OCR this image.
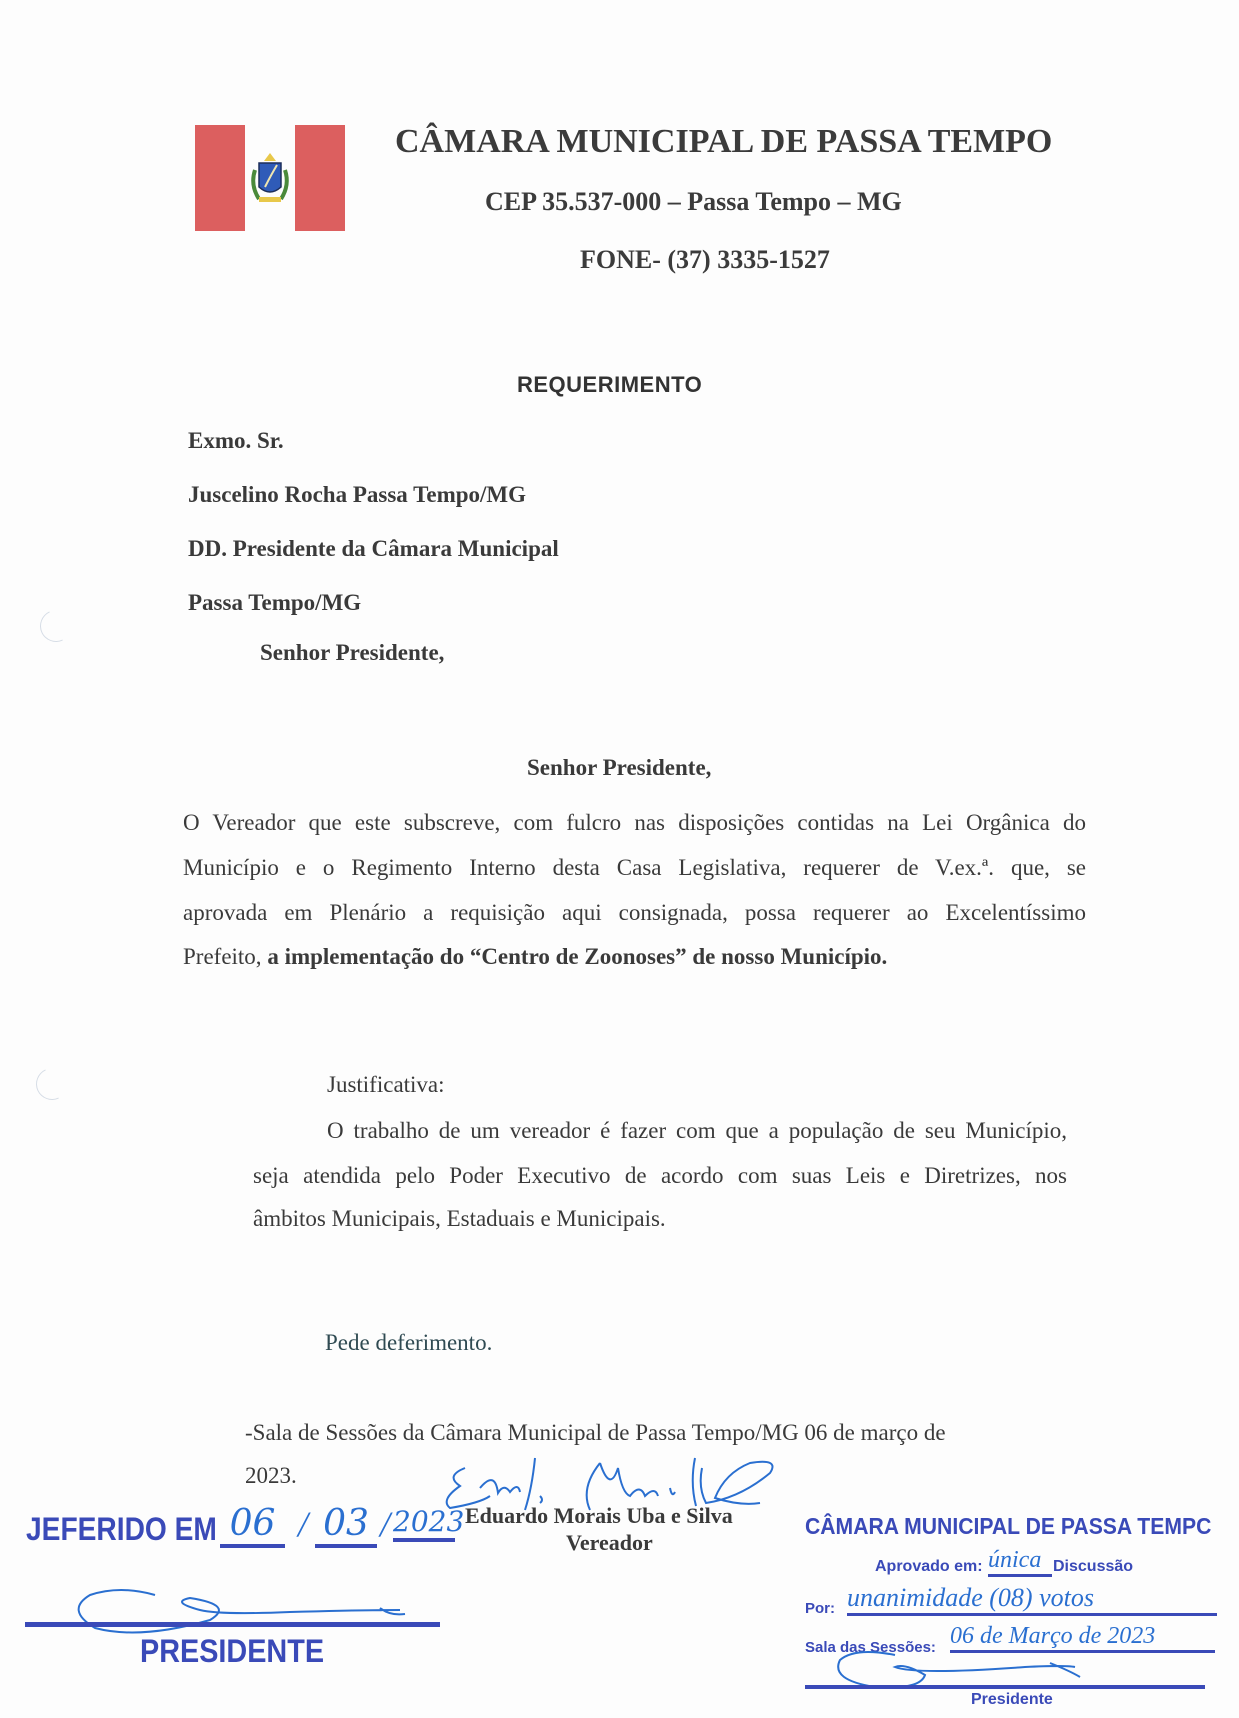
CÂMARA MUNICIPAL DE PASSA TEMPO
CEP 35.537-000 – Passa Tempo – MG
FONE- (37) 3335-1527
REQUERIMENTO
Exmo. Sr.
Juscelino Rocha Passa Tempo/MG
DD. Presidente da Câmara Municipal
Passa Tempo/MG
Senhor Presidente,
Senhor Presidente,
O Vereador que este subscreve, com fulcro nas disposições contidas na Lei Orgânica do
Município e o Regimento Interno desta Casa Legislativa, requerer de V.ex.ª. que, se
aprovada em Plenário a requisição aqui consignada, possa requerer ao Excelentíssimo
Prefeito, a implementação do “Centro de Zoonoses” de nosso Município.
Justificativa:
O trabalho de um vereador é fazer com que a população de seu Município,
seja atendida pelo Poder Executivo de acordo com suas Leis e Diretrizes, nos
âmbitos Municipais, Estaduais e Municipais.
Pede deferimento.
-Sala de Sessões da Câmara Municipal de Passa Tempo/MG 06 de março de
2023.
Eduardo Morais Uba e Silva
Vereador
JEFERIDO EM 06 / 03 / 2023
PRESIDENTE
CÂMARA MUNICIPAL DE PASSA TEMPC
Aprovado em: única Discussão
Por: unanimidade (08) votos
Sala das Sessões: 06 de Março de 2023
Presidente
